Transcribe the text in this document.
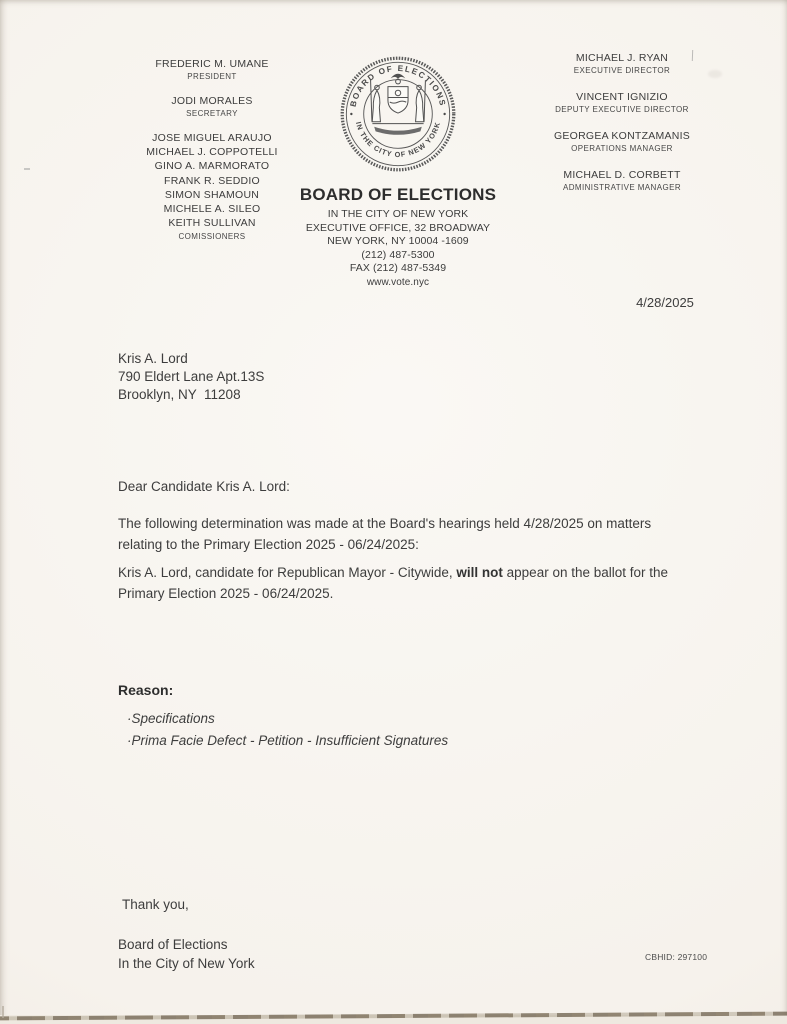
FREDERIC M. UMANE
PRESIDENT
JODI MORALES
SECRETARY
JOSE MIGUEL ARAUJO
MICHAEL J. COPPOTELLI
GINO A. MARMORATO
FRANK R. SEDDIO
SIMON SHAMOUN
MICHELE A. SILEO
KEITH SULLIVAN
COMISSIONERS
MICHAEL J. RYAN
EXECUTIVE DIRECTOR
VINCENT IGNIZIO
DEPUTY EXECUTIVE DIRECTOR
GEORGEA KONTZAMANIS
OPERATIONS MANAGER
MICHAEL D. CORBETT
ADMINISTRATIVE MANAGER
BOARD OF ELECTIONS
IN THE CITY OF NEW YORK
BOARD OF ELECTIONS
IN THE CITY OF NEW YORK
EXECUTIVE OFFICE, 32 BROADWAY
NEW YORK, NY 10004 -1609
(212) 487-5300
FAX (212) 487-5349
www.vote.nyc
4/28/2025
Kris A. Lord
790 Eldert Lane Apt.13S
Brooklyn, NY  11208
Dear Candidate Kris A. Lord:
The following determination was made at the Board's hearings held 4/28/2025 on matters
relating to the Primary Election 2025 - 06/24/2025:
Kris A. Lord, candidate for Republican Mayor - Citywide, will not appear on the ballot for the
Primary Election 2025 - 06/24/2025.
Reason:
·Specifications
·Prima Facie Defect - Petition - Insufficient Signatures
Thank you,
Board of Elections
In the City of New York	CBHID: 297100
